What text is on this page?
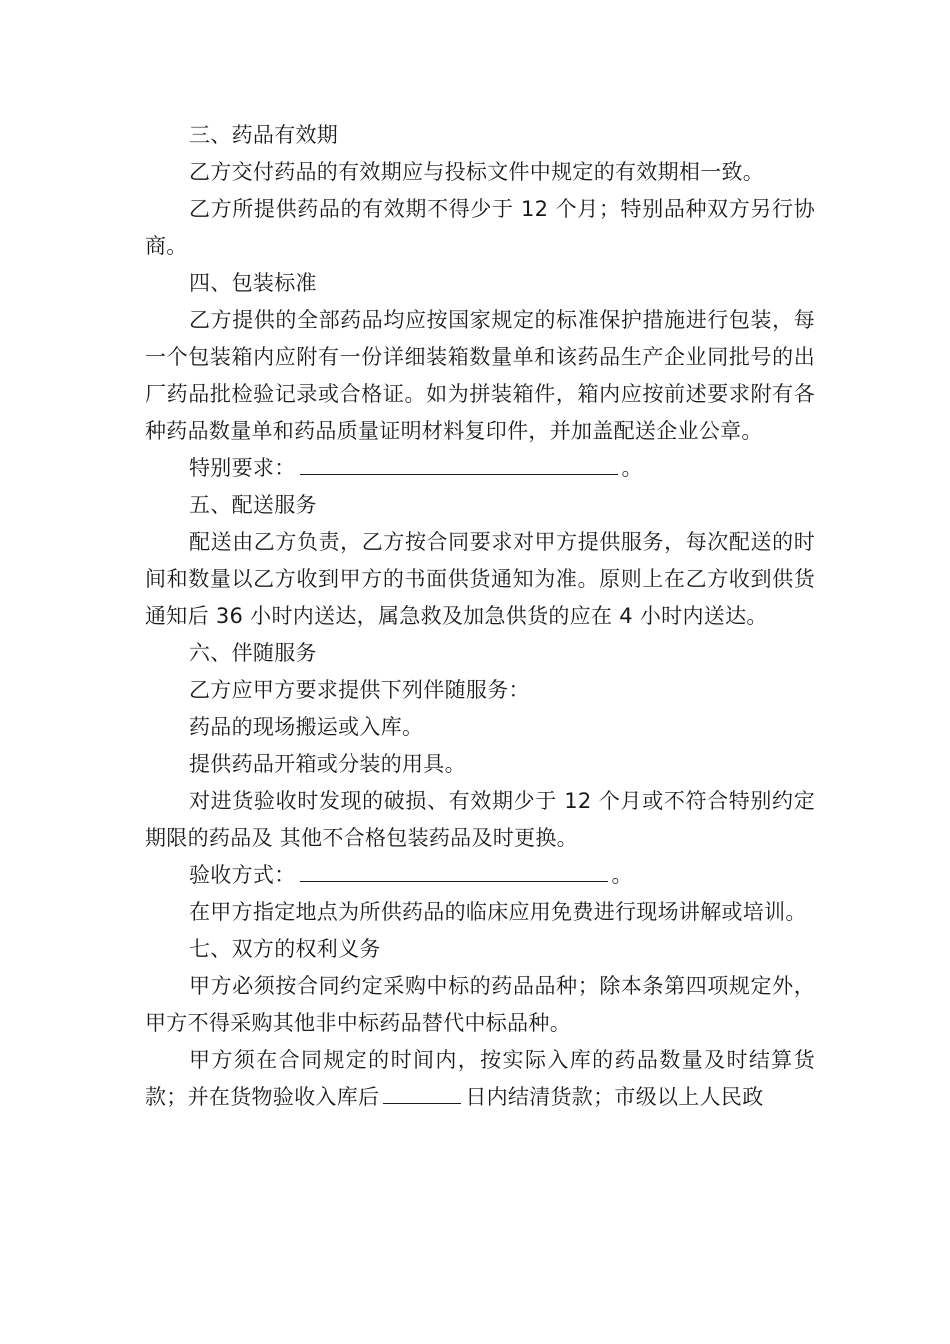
三、药品有效期

乙方交付药品的有效期应与投标文件中规定的有效期相一致。

乙方所提供药品的有效期不得少于 12 个月；特别品种双方另行协商。

四、包装标准

乙方提供的全部药品均应按国家规定的标准保护措施进行包装，每一个包装箱内应附有一份详细装箱数量单和该药品生产企业同批号的出厂药品批检验记录或合格证。如为拼装箱件，箱内应按前述要求附有各种药品数量单和药品质量证明材料复印件，并加盖配送企业公章。

特别要求：	。

五、配送服务

配送由乙方负责，乙方按合同要求对甲方提供服务，每次配送的时间和数量以乙方收到甲方的书面供货通知为准。原则上在乙方收到供货通知后 36 小时内送达，属急救及加急供货的应在 4 小时内送达。

六、伴随服务

乙方应甲方要求提供下列伴随服务：

药品的现场搬运或入库。

提供药品开箱或分装的用具。

对进货验收时发现的破损、有效期少于 12 个月或不符合特别约定期限的药品及 其他不合格包装药品及时更换。

验收方式：	。

在甲方指定地点为所供药品的临床应用免费进行现场讲解或培训。

七、双方的权利义务

甲方必须按合同约定采购中标的药品品种；除本条第四项规定外，甲方不得采购其他非中标药品替代中标品种。

甲方须在合同规定的时间内，按实际入库的药品数量及时结算货款；并在货物验收入库后	日内结清货款；市级以上人民政
